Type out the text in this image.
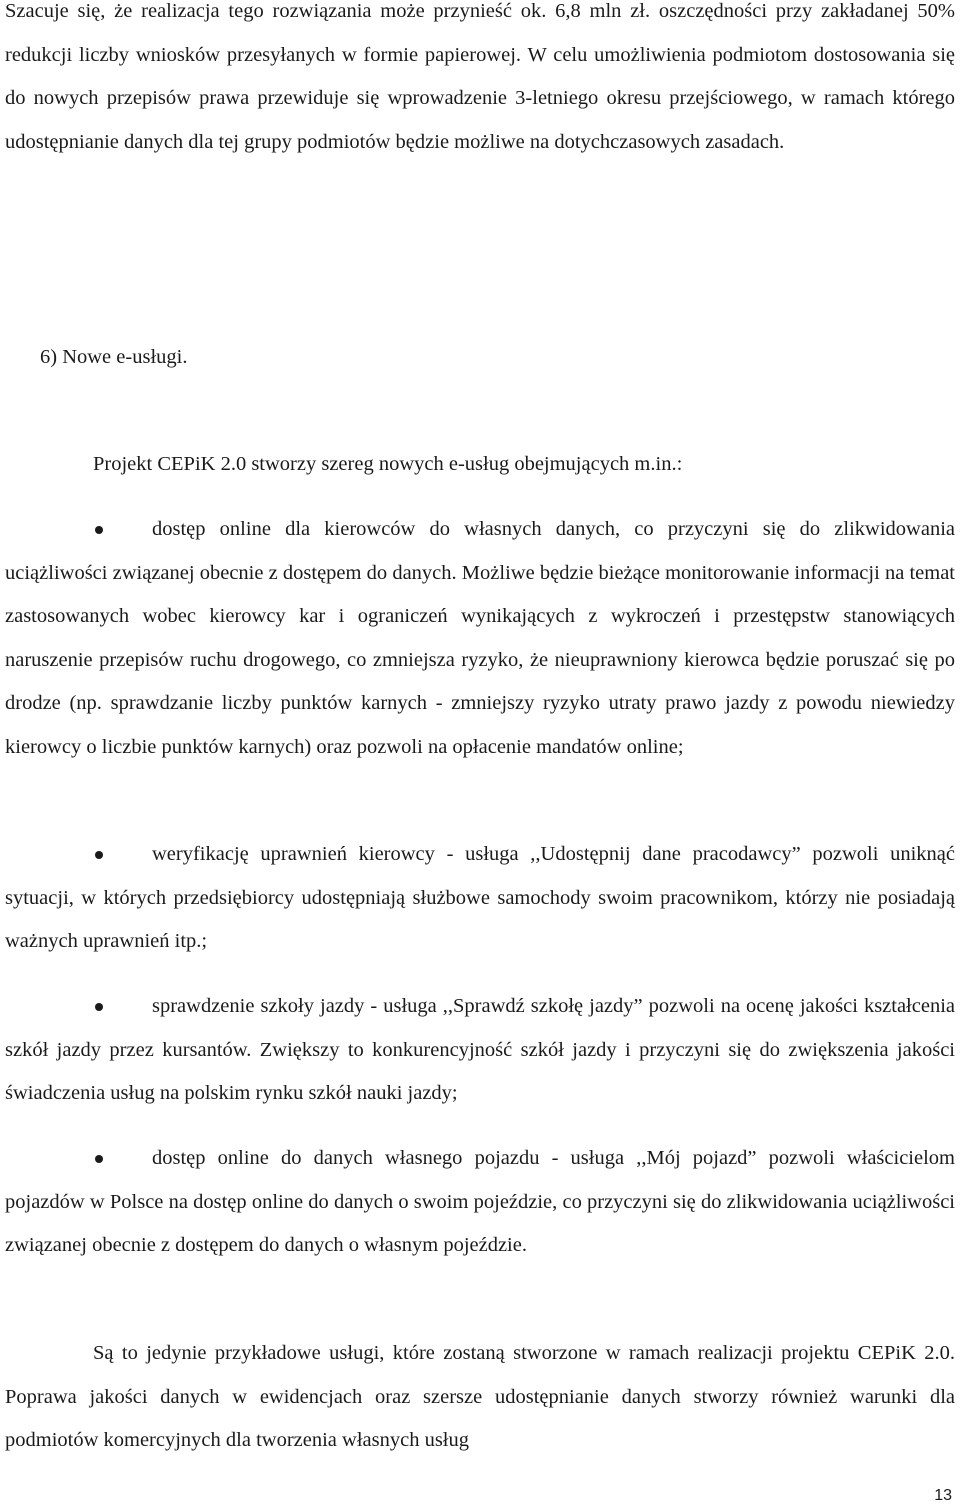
Szacuje się, że realizacja tego rozwiązania może przynieść ok. 6,8 mln zł. oszczędności przy zakładanej 50% redukcji liczby wniosków przesyłanych w formie papierowej. W celu umożliwienia podmiotom dostosowania się do nowych przepisów prawa przewiduje się wprowadzenie 3-letniego okresu przejściowego, w ramach którego udostępnianie danych dla tej grupy podmiotów będzie możliwe na dotychczasowych zasadach.

6) Nowe e-usługi.

Projekt CEPiK 2.0 stworzy szereg nowych e-usług obejmujących m.in.:

dostęp online dla kierowców do własnych danych, co przyczyni się do zlikwidowania uciążliwości związanej obecnie z dostępem do danych. Możliwe będzie bieżące monitorowanie informacji na temat zastosowanych wobec kierowcy kar i ograniczeń wynikających z wykroczeń i przestępstw stanowiących naruszenie przepisów ruchu drogowego, co zmniejsza ryzyko, że nieuprawniony kierowca będzie poruszać się po drodze (np. sprawdzanie liczby punktów karnych - zmniejszy ryzyko utraty prawo jazdy z powodu niewiedzy kierowcy o liczbie punktów karnych) oraz pozwoli na opłacenie mandatów online;

weryfikację uprawnień kierowcy - usługa ,,Udostępnij dane pracodawcy” pozwoli uniknąć sytuacji, w których przedsiębiorcy udostępniają służbowe samochody swoim pracownikom, którzy nie posiadają ważnych uprawnień itp.;

sprawdzenie szkoły jazdy - usługa ,,Sprawdź szkołę jazdy” pozwoli na ocenę jakości kształcenia szkół jazdy przez kursantów. Zwiększy to konkurencyjność szkół jazdy i przyczyni się do zwiększenia jakości świadczenia usług na polskim rynku szkół nauki jazdy;

dostęp online do danych własnego pojazdu - usługa ,,Mój pojazd” pozwoli właścicielom pojazdów w Polsce na dostęp online do danych o swoim pojeździe, co przyczyni się do zlikwidowania uciążliwości związanej obecnie z dostępem do danych o własnym pojeździe.

Są to jedynie przykładowe usługi, które zostaną stworzone w ramach realizacji projektu CEPiK 2.0. Poprawa jakości danych w ewidencjach oraz szersze udostępnianie danych stworzy również warunki dla podmiotów komercyjnych dla tworzenia własnych usług

13
